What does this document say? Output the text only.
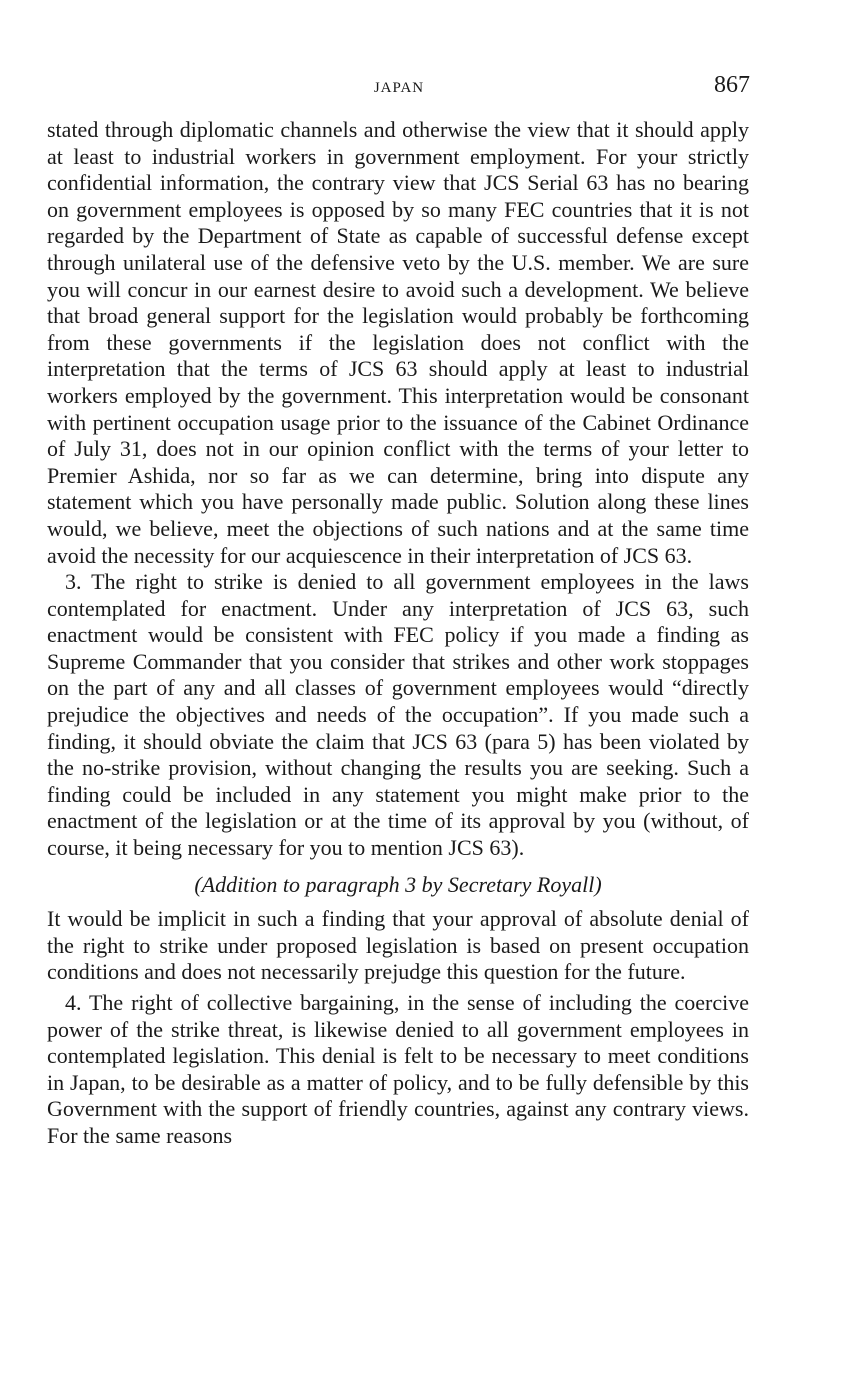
JAPAN	867

stated through diplomatic channels and otherwise the view that it should apply at least to industrial workers in government employment. For your strictly confidential information, the contrary view that JCS Serial 63 has no bearing on government employees is opposed by so many FEC countries that it is not regarded by the Department of State as capable of successful defense except through unilateral use of the defensive veto by the U.S. member. We are sure you will concur in our earnest desire to avoid such a development. We believe that broad general support for the legislation would probably be forthcoming from these governments if the legislation does not conflict with the interpretation that the terms of JCS 63 should apply at least to industrial workers employed by the government. This interpretation would be consonant with pertinent occupation usage prior to the issuance of the Cabinet Ordinance of July 31, does not in our opinion conflict with the terms of your letter to Premier Ashida, nor so far as we can determine, bring into dispute any statement which you have personally made public. Solution along these lines would, we believe, meet the objections of such nations and at the same time avoid the necessity for our acquiescence in their interpretation of JCS 63.

3. The right to strike is denied to all government employees in the laws contemplated for enactment. Under any interpretation of JCS 63, such enactment would be consistent with FEC policy if you made a finding as Supreme Commander that you consider that strikes and other work stoppages on the part of any and all classes of government employees would “directly prejudice the objectives and needs of the occupation”. If you made such a finding, it should obviate the claim that JCS 63 (para 5) has been violated by the no-strike provision, without changing the results you are seeking. Such a finding could be included in any statement you might make prior to the enactment of the legislation or at the time of its approval by you (without, of course, it being necessary for you to mention JCS 63).

(Addition to paragraph 3 by Secretary Royall)

It would be implicit in such a finding that your approval of absolute denial of the right to strike under proposed legislation is based on present occupation conditions and does not necessarily prejudge this question for the future.

4. The right of collective bargaining, in the sense of including the coercive power of the strike threat, is likewise denied to all government employees in contemplated legislation. This denial is felt to be necessary to meet conditions in Japan, to be desirable as a matter of policy, and to be fully defensible by this Government with the support of friendly countries, against any contrary views. For the same reasons
